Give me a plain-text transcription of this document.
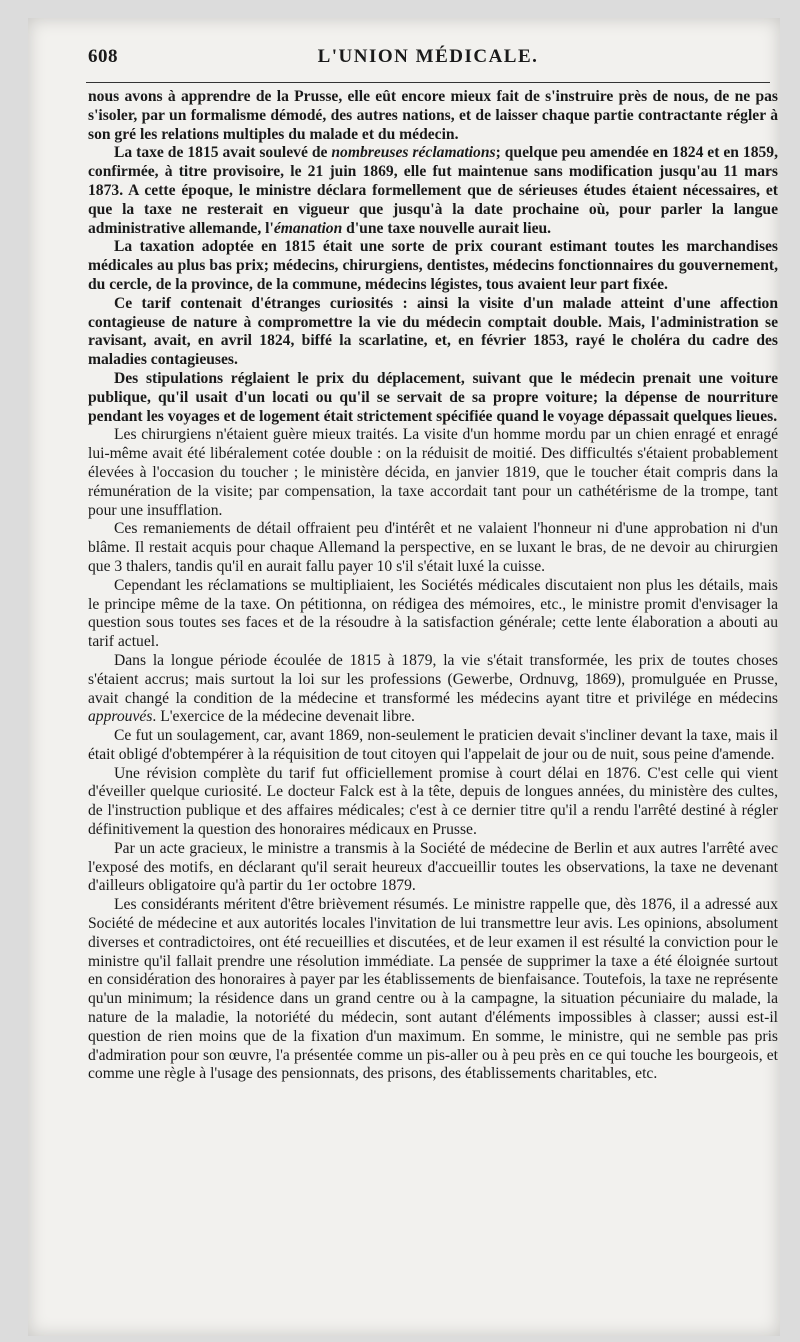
608	L'UNION MÉDICALE.

nous avons à apprendre de la Prusse, elle eût encore mieux fait de s'instruire près de nous, de ne pas s'isoler, par un formalisme démodé, des autres nations, et de laisser chaque partie contractante régler à son gré les relations multiples du malade et du médecin.

La taxe de 1815 avait soulevé de nombreuses réclamations; quelque peu amendée en 1824 et en 1859, confirmée, à titre provisoire, le 21 juin 1869, elle fut maintenue sans modification jusqu'au 11 mars 1873. A cette époque, le ministre déclara formellement que de sérieuses études étaient nécessaires, et que la taxe ne resterait en vigueur que jusqu'à la date prochaine où, pour parler la langue administrative allemande, l'émanation d'une taxe nouvelle aurait lieu.

La taxation adoptée en 1815 était une sorte de prix courant estimant toutes les marchandises médicales au plus bas prix; médecins, chirurgiens, dentistes, médecins fonctionnaires du gouvernement, du cercle, de la province, de la commune, médecins légistes, tous avaient leur part fixée.

Ce tarif contenait d'étranges curiosités : ainsi la visite d'un malade atteint d'une affection contagieuse de nature à compromettre la vie du médecin comptait double. Mais, l'administration se ravisant, avait, en avril 1824, biffé la scarlatine, et, en février 1853, rayé le choléra du cadre des maladies contagieuses.

Des stipulations réglaient le prix du déplacement, suivant que le médecin prenait une voiture publique, qu'il usait d'un locati ou qu'il se servait de sa propre voiture; la dépense de nourriture pendant les voyages et de logement était strictement spécifiée quand le voyage dépassait quelques lieues.

Les chirurgiens n'étaient guère mieux traités. La visite d'un homme mordu par un chien enragé et enragé lui-même avait été libéralement cotée double : on la réduisit de moitié. Des difficultés s'étaient probablement élevées à l'occasion du toucher ; le ministère décida, en janvier 1819, que le toucher était compris dans la rémunération de la visite; par compensation, la taxe accordait tant pour un cathétérisme de la trompe, tant pour une insufflation.

Ces remaniements de détail offraient peu d'intérêt et ne valaient l'honneur ni d'une approbation ni d'un blâme. Il restait acquis pour chaque Allemand la perspective, en se luxant le bras, de ne devoir au chirurgien que 3 thalers, tandis qu'il en aurait fallu payer 10 s'il s'était luxé la cuisse.

Cependant les réclamations se multipliaient, les Sociétés médicales discutaient non plus les détails, mais le principe même de la taxe. On pétitionna, on rédigea des mémoires, etc., le ministre promit d'envisager la question sous toutes ses faces et de la résoudre à la satisfaction générale; cette lente élaboration a abouti au tarif actuel.

Dans la longue période écoulée de 1815 à 1879, la vie s'était transformée, les prix de toutes choses s'étaient accrus; mais surtout la loi sur les professions (Gewerbe, Ordnuvg, 1869), promulguée en Prusse, avait changé la condition de la médecine et transformé les médecins ayant titre et privilége en médecins approuvés. L'exercice de la médecine devenait libre.

Ce fut un soulagement, car, avant 1869, non-seulement le praticien devait s'incliner devant la taxe, mais il était obligé d'obtempérer à la réquisition de tout citoyen qui l'appelait de jour ou de nuit, sous peine d'amende.

Une révision complète du tarif fut officiellement promise à court délai en 1876. C'est celle qui vient d'éveiller quelque curiosité. Le docteur Falck est à la tête, depuis de longues années, du ministère des cultes, de l'instruction publique et des affaires médicales; c'est à ce dernier titre qu'il a rendu l'arrêté destiné à régler définitivement la question des honoraires médicaux en Prusse.

Par un acte gracieux, le ministre a transmis à la Société de médecine de Berlin et aux autres l'arrêté avec l'exposé des motifs, en déclarant qu'il serait heureux d'accueillir toutes les observations, la taxe ne devenant d'ailleurs obligatoire qu'à partir du 1er octobre 1879.

Les considérants méritent d'être brièvement résumés. Le ministre rappelle que, dès 1876, il a adressé aux Société de médecine et aux autorités locales l'invitation de lui transmettre leur avis. Les opinions, absolument diverses et contradictoires, ont été recueillies et discutées, et de leur examen il est résulté la conviction pour le ministre qu'il fallait prendre une résolution immédiate. La pensée de supprimer la taxe a été éloignée surtout en considération des honoraires à payer par les établissements de bienfaisance. Toutefois, la taxe ne représente qu'un minimum; la résidence dans un grand centre ou à la campagne, la situation pécuniaire du malade, la nature de la maladie, la notoriété du médecin, sont autant d'éléments impossibles à classer; aussi est-il question de rien moins que de la fixation d'un maximum. En somme, le ministre, qui ne semble pas pris d'admiration pour son œuvre, l'a présentée comme un pis-aller ou à peu près en ce qui touche les bourgeois, et comme une règle à l'usage des pensionnats, des prisons, des établissements charitables, etc.
